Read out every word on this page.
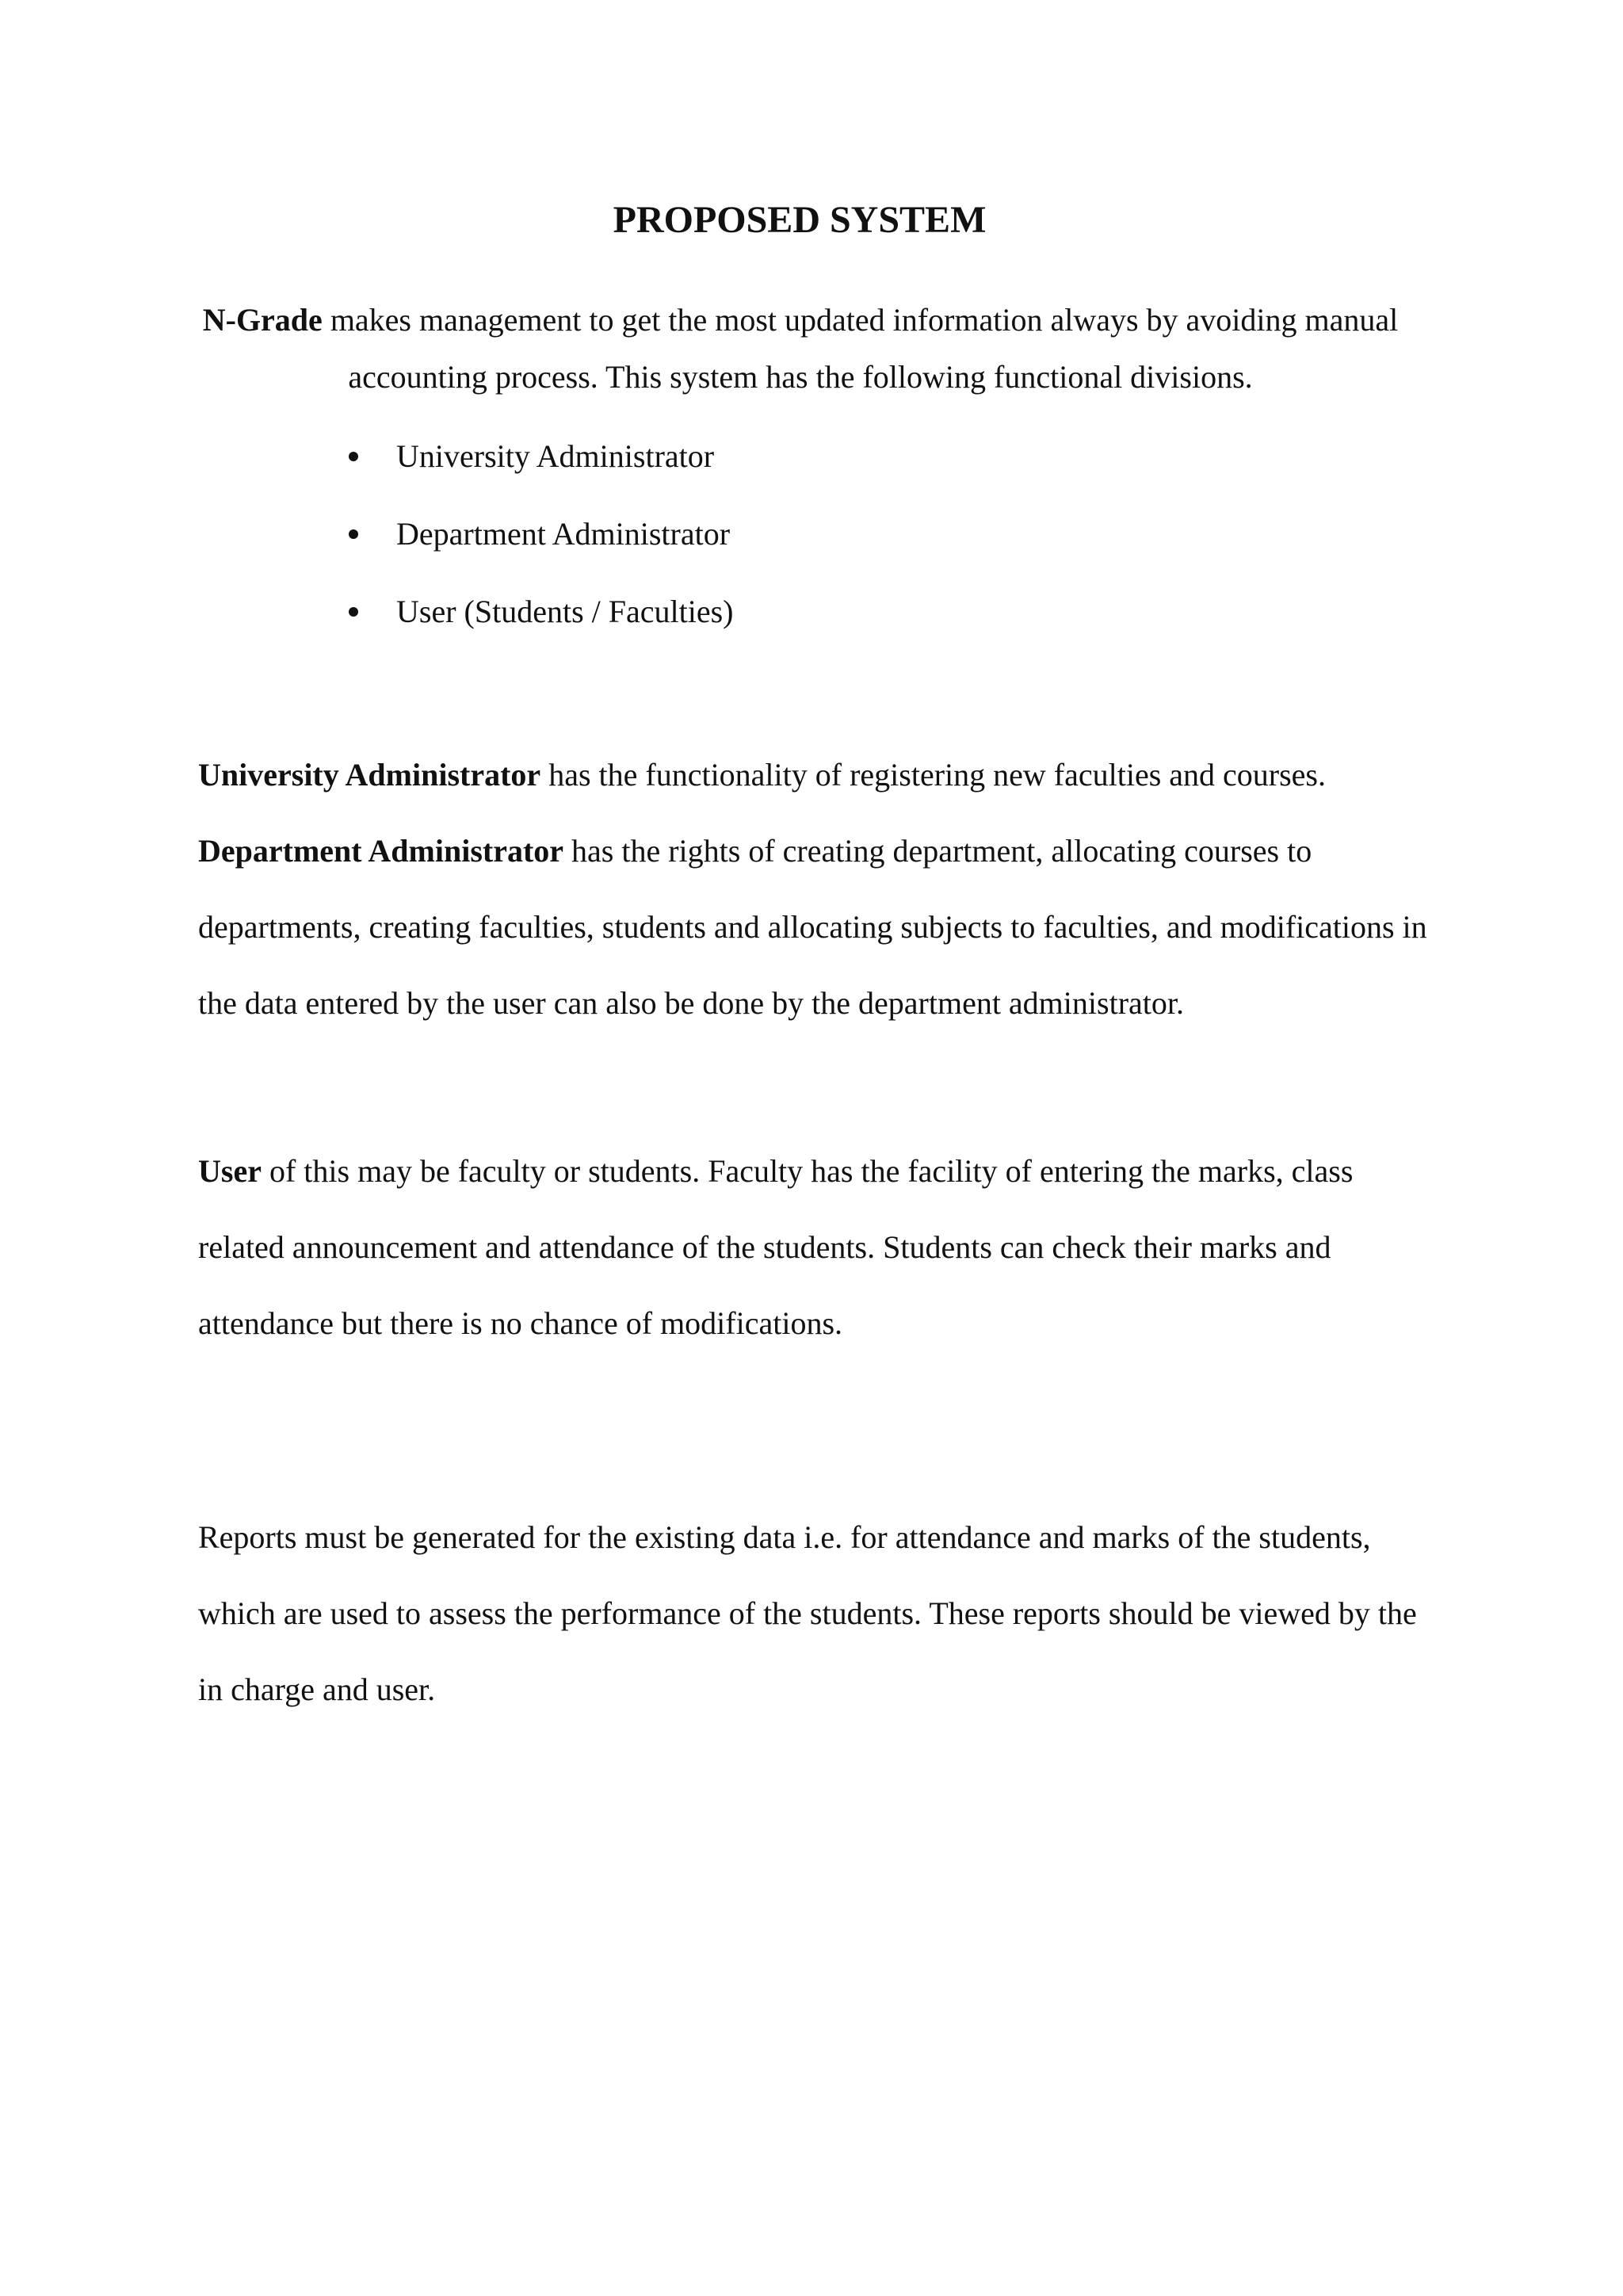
PROPOSED SYSTEM

N-Grade makes management to get the most updated information always by avoiding manual accounting process. This system has the following functional divisions.

University Administrator
Department Administrator
User (Students / Faculties)

University Administrator has the functionality of registering new faculties and courses.
Department Administrator has the rights of creating department, allocating courses to departments, creating faculties, students and allocating subjects to faculties, and modifications in the data entered by the user can also be done by the department administrator.

User of this may be faculty or students. Faculty has the facility of entering the marks, class related announcement and attendance of the students. Students can check their marks and attendance but there is no chance of modifications.

Reports must be generated for the existing data i.e. for attendance and marks of the students, which are used to assess the performance of the students. These reports should be viewed by the in charge and user.
